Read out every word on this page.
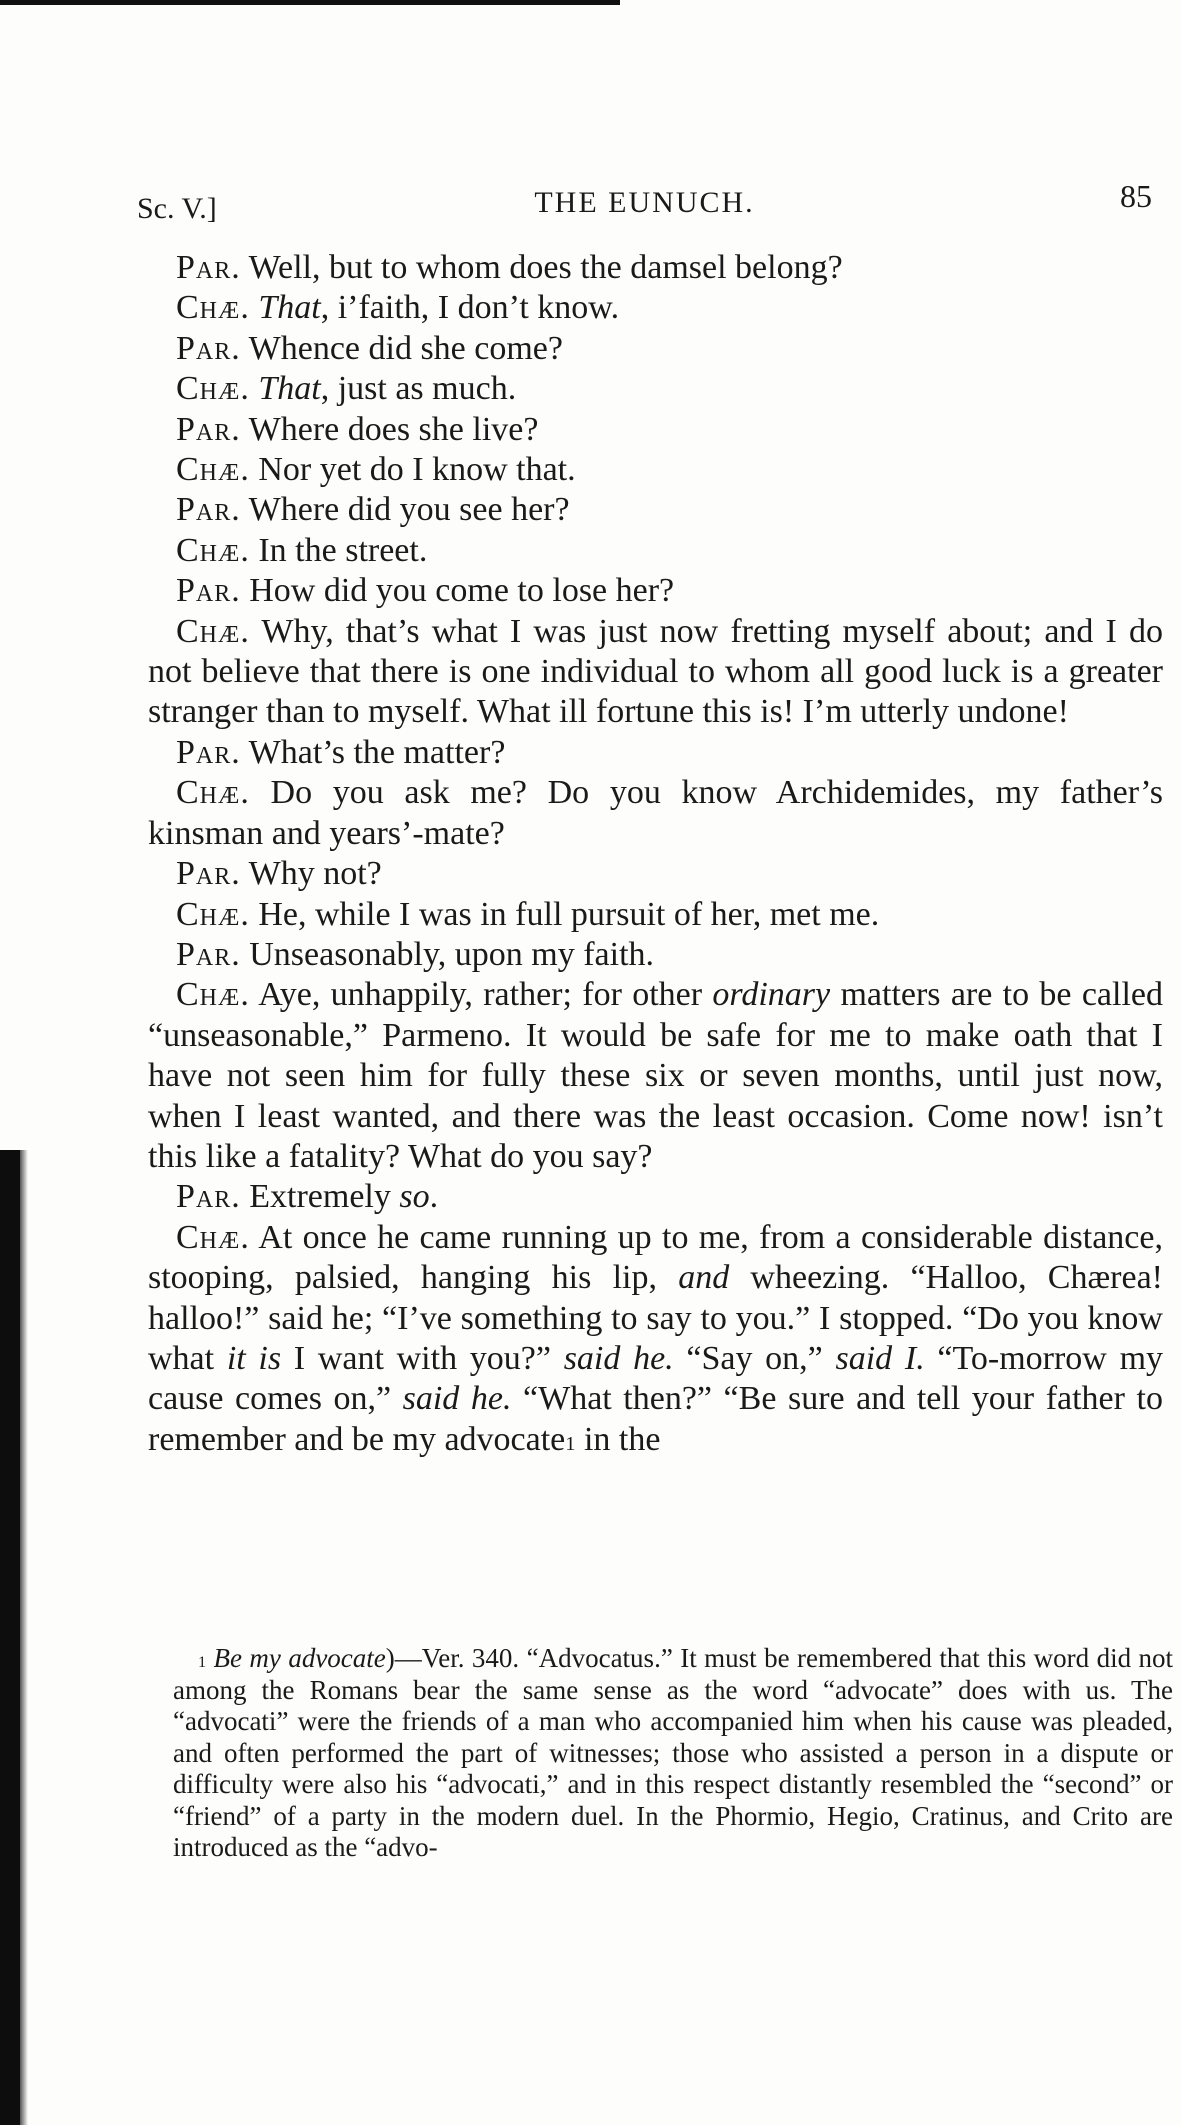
Sc. V.]	THE EUNUCH.	85

Par. Well, but to whom does the damsel belong?

Chæ. That, i’faith, I don’t know.

Par. Whence did she come?

Chæ. That, just as much.

Par. Where does she live?

Chæ. Nor yet do I know that.

Par. Where did you see her?

Chæ. In the street.

Par. How did you come to lose her?

Chæ. Why, that’s what I was just now fretting myself about; and I do not believe that there is one individual to whom all good luck is a greater stranger than to myself. What ill fortune this is! I’m utterly undone!

Par. What’s the matter?

Chæ. Do you ask me? Do you know Archidemides, my father’s kinsman and years’-mate?

Par. Why not?

Chæ. He, while I was in full pursuit of her, met me.

Par. Unseasonably, upon my faith.

Chæ. Aye, unhappily, rather; for other ordinary matters are to be called “unseasonable,” Parmeno. It would be safe for me to make oath that I have not seen him for fully these six or seven months, until just now, when I least wanted, and there was the least occasion. Come now! isn’t this like a fatality? What do you say?

Par. Extremely so.

Chæ. At once he came running up to me, from a considerable distance, stooping, palsied, hanging his lip, and wheezing. “Halloo, Chærea! halloo!” said he; “I’ve something to say to you.” I stopped. “Do you know what it is I want with you?” said he. “Say on,” said I. “To-morrow my cause comes on,” said he. “What then?” “Be sure and tell your father to remember and be my advocate$^1$ in the

$^1$ Be my advocate)—Ver. 340. “Advocatus.” It must be remembered that this word did not among the Romans bear the same sense as the word “advocate” does with us. The “advocati” were the friends of a man who accompanied him when his cause was pleaded, and often performed the part of witnesses; those who assisted a person in a dispute or difficulty were also his “advocati,” and in this respect distantly resembled the “second” or “friend” of a party in the modern duel. In the Phormio, Hegio, Cratinus, and Crito are introduced as the “advo-
